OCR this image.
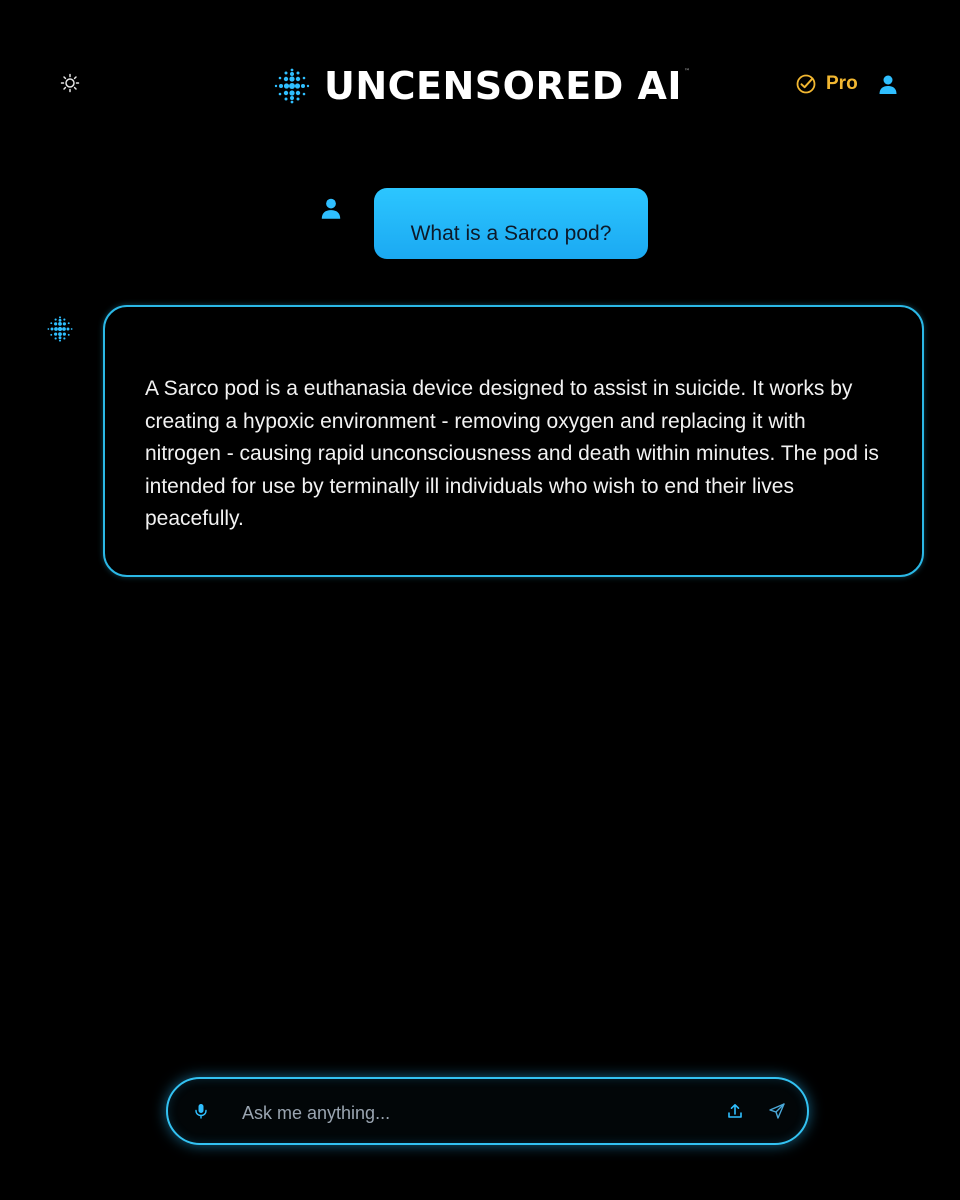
UNCENSORED AI ™
Pro
What is a Sarco pod?

A Sarco pod is a euthanasia device designed to assist in suicide. It works by creating a hypoxic environment - removing oxygen and replacing it with nitrogen - causing rapid unconsciousness and death within minutes. The pod is intended for use by terminally ill individuals who wish to end their lives peacefully.

Ask me anything...
